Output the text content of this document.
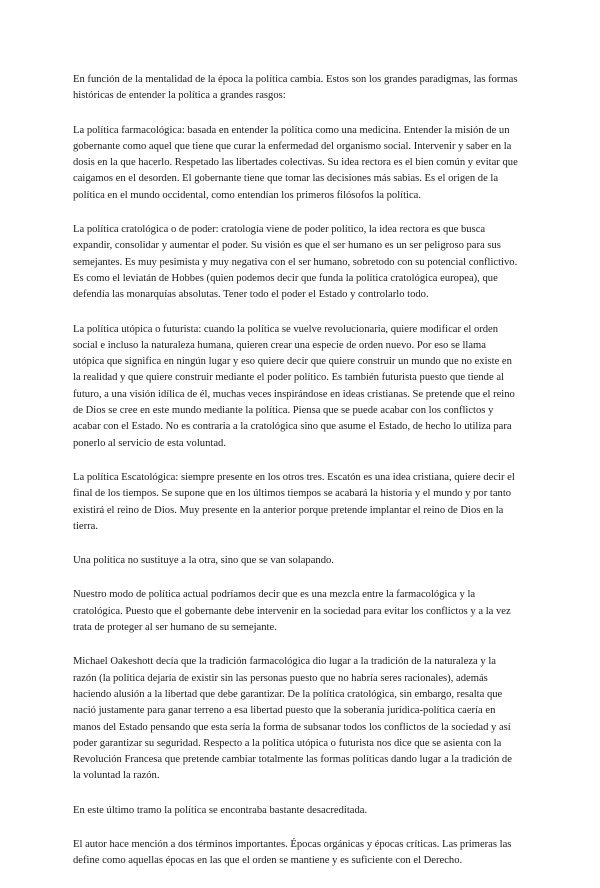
En función de la mentalidad de la época la política cambia. Estos son los grandes paradigmas, las formas históricas de entender la política a grandes rasgos:

La política farmacológica: basada en entender la política como una medicina. Entender la misión de un gobernante como aquel que tiene que curar la enfermedad del organismo social. Intervenir y saber en la dosis en la que hacerlo. Respetado las libertades colectivas. Su idea rectora es el bien común y evitar que caigamos en el desorden. El gobernante tiene que tomar las decisiones más sabias. Es el origen de la política en el mundo occidental, como entendían los primeros filósofos la política.

La política cratológica o de poder: cratología viene de poder político, la idea rectora es que busca expandir, consolidar y aumentar el poder. Su visión es que el ser humano es un ser peligroso para sus semejantes. Es muy pesimista y muy negativa con el ser humano, sobretodo con su potencial conflictivo. Es como el leviatán de Hobbes (quien podemos decir que funda la política cratológica europea), que defendía las monarquías absolutas. Tener todo el poder el Estado y controlarlo todo.

La política utópica o futurista: cuando la política se vuelve revolucionaria, quiere modificar el orden social e incluso la naturaleza humana, quieren crear una especie de orden nuevo. Por eso se llama utópica que significa en ningún lugar y eso quiere decir que quiere construir un mundo que no existe en la realidad y que quiere construir mediante el poder político. Es también futurista puesto que tiende al futuro, a una visión idílica de él, muchas veces inspirándose en ideas cristianas. Se pretende que el reino de Dios se cree en este mundo mediante la política. Piensa que se puede acabar con los conflictos y acabar con el Estado. No es contraria a la cratológica sino que asume el Estado, de hecho lo utiliza para ponerlo al servicio de esta voluntad.

La política Escatológica: siempre presente en los otros tres. Escatón es una idea cristiana, quiere decir el final de los tiempos. Se supone que en los últimos tiempos se acabará la historia y el mundo y por tanto existirá el reino de Dios. Muy presente en la anterior porque pretende implantar el reino de Dios en la tierra.

Una política no sustituye a la otra, sino que se van solapando.

Nuestro modo de política actual podríamos decir que es una mezcla entre la farmacológica y la cratológica. Puesto que el gobernante debe intervenir en la sociedad para evitar los conflictos y a la vez trata de proteger al ser humano de su semejante.

Michael Oakeshott decía que la tradición farmacológica dio lugar a la tradición de la naturaleza y la razón (la política dejaría de existir sin las personas puesto que no habría seres racionales), además haciendo alusión a la libertad que debe garantizar. De la política cratológica, sin embargo, resalta que nació justamente para ganar terreno a esa libertad puesto que la soberanía jurídica-política caería en manos del Estado pensando que esta sería la forma de subsanar todos los conflictos de la sociedad y así poder garantizar su seguridad. Respecto a la política utópica o futurista nos dice que se asienta con la Revolución Francesa que pretende cambiar totalmente las formas políticas dando lugar a la tradición de la voluntad la razón.

En este último tramo la política se encontraba bastante desacreditada.

El autor hace mención a dos términos importantes. Épocas orgánicas y épocas críticas. Las primeras las define como aquellas épocas en las que el orden se mantiene y es suficiente con el Derecho.
